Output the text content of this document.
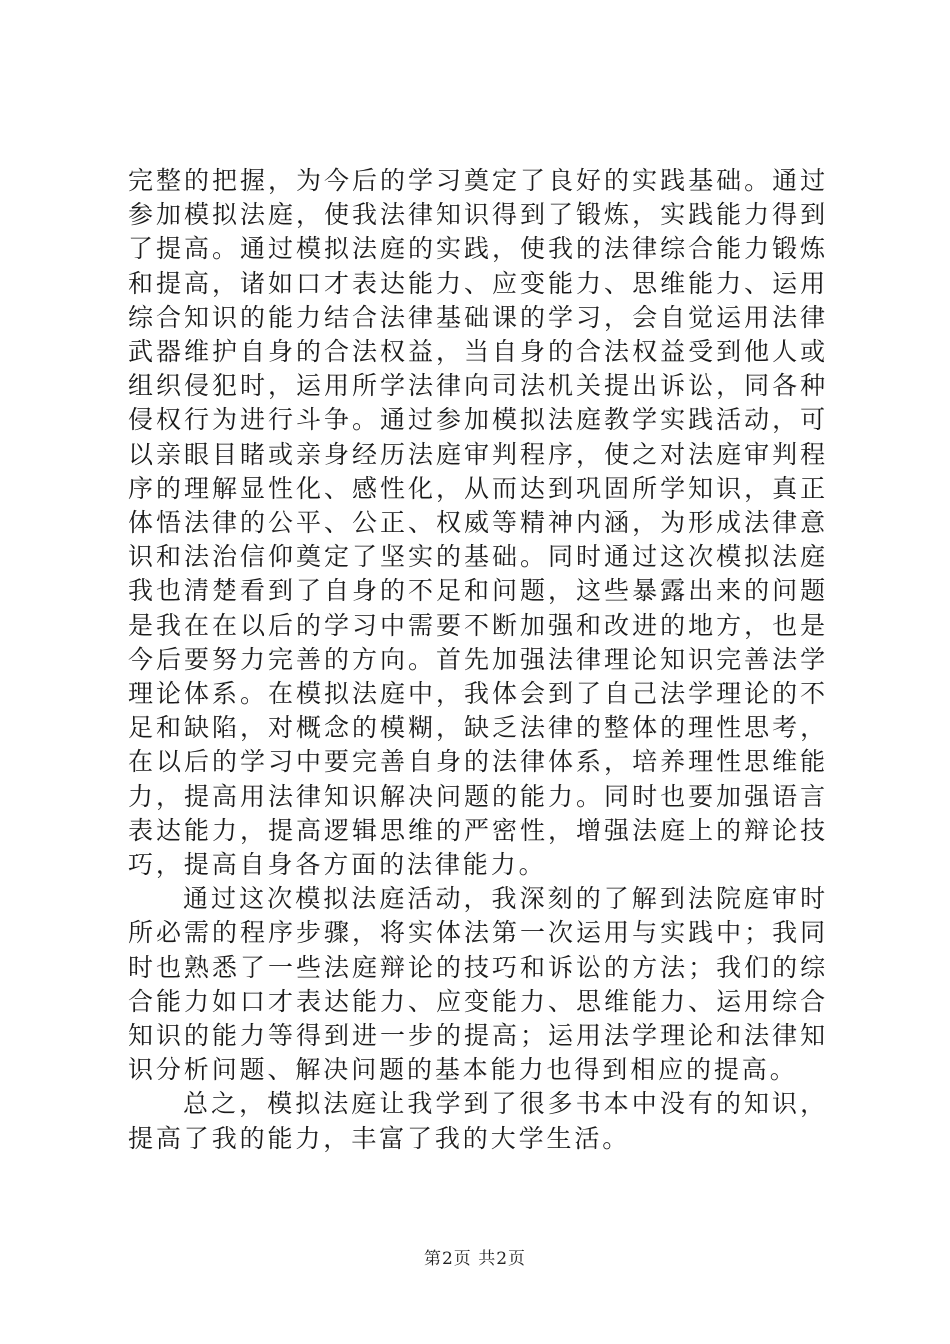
完整的把握，为今后的学习奠定了良好的实践基础。通过参加模拟法庭，使我法律知识得到了锻炼，实践能力得到了提高。通过模拟法庭的实践，使我的法律综合能力锻炼和提高，诸如口才表达能力、应变能力、思维能力、运用综合知识的能力结合法律基础课的学习，会自觉运用法律武器维护自身的合法权益，当自身的合法权益受到他人或组织侵犯时，运用所学法律向司法机关提出诉讼，同各种侵权行为进行斗争。通过参加模拟法庭教学实践活动，可以亲眼目睹或亲身经历法庭审判程序，使之对法庭审判程序的理解显性化、感性化，从而达到巩固所学知识，真正体悟法律的公平、公正、权威等精神内涵，为形成法律意识和法治信仰奠定了坚实的基础。同时通过这次模拟法庭我也清楚看到了自身的不足和问题，这些暴露出来的问题是我在在以后的学习中需要不断加强和改进的地方，也是今后要努力完善的方向。首先加强法律理论知识完善法学理论体系。在模拟法庭中，我体会到了自己法学理论的不足和缺陷，对概念的模糊，缺乏法律的整体的理性思考，在以后的学习中要完善自身的法律体系，培养理性思维能力，提高用法律知识解决问题的能力。同时也要加强语言表达能力，提高逻辑思维的严密性，增强法庭上的辩论技巧，提高自身各方面的法律能力。

通过这次模拟法庭活动，我深刻的了解到法院庭审时所必需的程序步骤，将实体法第一次运用与实践中；我同时也熟悉了一些法庭辩论的技巧和诉讼的方法；我们的综合能力如口才表达能力、应变能力、思维能力、运用综合知识的能力等得到进一步的提高；运用法学理论和法律知识分析问题、解决问题的基本能力也得到相应的提高。

总之，模拟法庭让我学到了很多书本中没有的知识，提高了我的能力，丰富了我的大学生活。

第2页 共2页
